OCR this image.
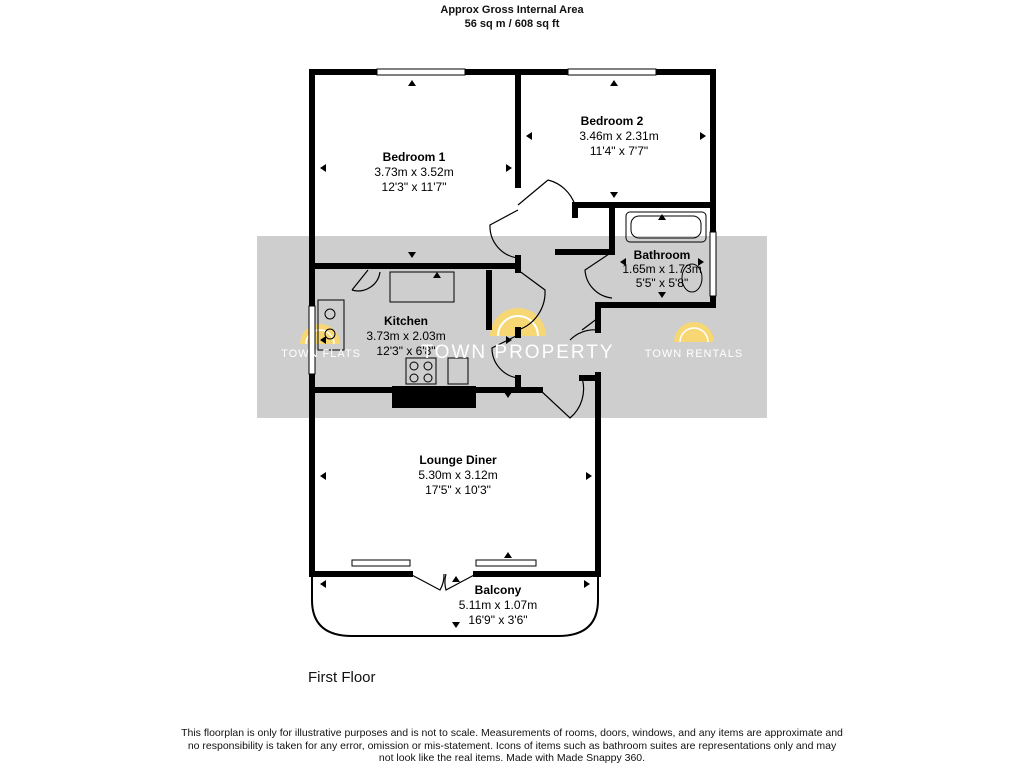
Approx Gross Internal Area
56 sq m / 608 sq ft
Bedroom 1
3.73m x 3.52m
12'3" x 11'7"
Bedroom 2
3.46m x 2.31m
11'4" x 7'7"
Bathroom
1.65m x 1.73m
5'5" x 5'8"
Kitchen
3.73m x 2.03m
12'3" x 6'8"
Lounge Diner
5.30m x 3.12m
17'5" x 10'3"
Balcony
5.11m x 1.07m
16'9" x 3'6"
TOWN FLATS	TOWN PROPERTY	TOWN RENTALS
First Floor
This floorplan is only for illustrative purposes and is not to scale. Measurements of rooms, doors, windows, and any items are approximate and no responsibility is taken for any error, omission or mis-statement. Icons of items such as bathroom suites are representations only and may not look like the real items. Made with Made Snappy 360.
